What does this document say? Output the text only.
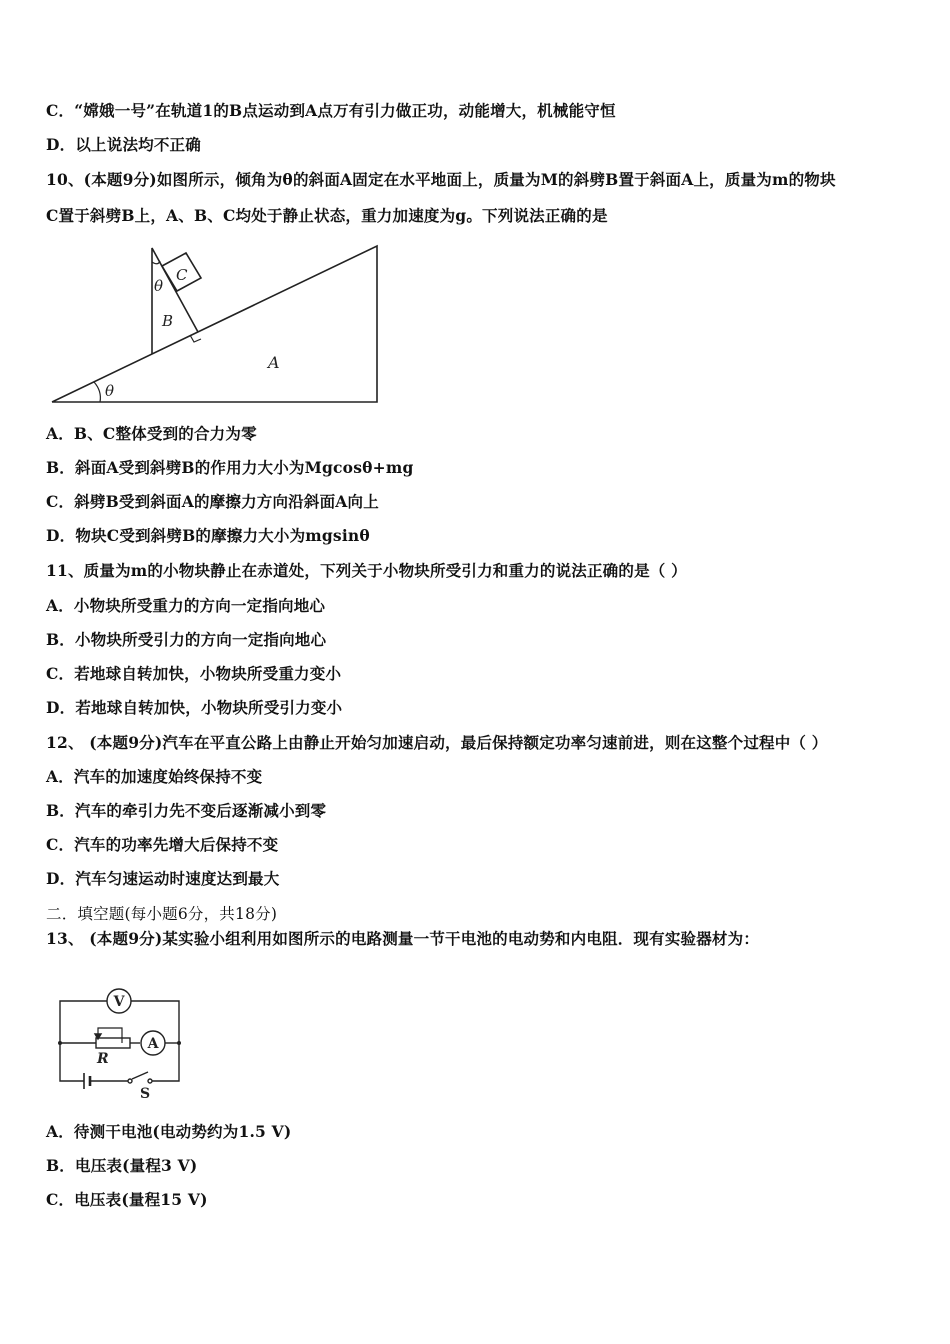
C．“嫦娥一号”在轨道1的B点运动到A点万有引力做正功，动能增大，机械能守恒
D．以上说法均不正确
10、(本题9分)如图所示，倾角为θ的斜面A固定在水平地面上，质量为M的斜劈B置于斜面A上，质量为m的物块
C置于斜劈B上，A、B、C均处于静止状态，重力加速度为g。下列说法正确的是
A．B、C整体受到的合力为零
B．斜面A受到斜劈B的作用力大小为Mgcosθ+mg
C．斜劈B受到斜面A的摩擦力方向沿斜面A向上
D．物块C受到斜劈B的摩擦力大小为mgsinθ
11、质量为m的小物块静止在赤道处，下列关于小物块所受引力和重力的说法正确的是（ ）
A．小物块所受重力的方向一定指向地心
B．小物块所受引力的方向一定指向地心
C．若地球自转加快，小物块所受重力变小
D．若地球自转加快，小物块所受引力变小
12、 (本题9分)汽车在平直公路上由静止开始匀加速启动，最后保持额定功率匀速前进，则在这整个过程中（ ）
A．汽车的加速度始终保持不变
B．汽车的牵引力先不变后逐渐减小到零
C．汽车的功率先增大后保持不变
D．汽车匀速运动时速度达到最大
二．填空题(每小题6分，共18分)
13、 (本题9分)某实验小组利用如图所示的电路测量一节干电池的电动势和内电阻．现有实验器材为：
A．待测干电池(电动势约为1.5 V)
B．电压表(量程3 V)
C．电压表(量程15 V)
C
θ
B
A
θ
V
A
R
S
